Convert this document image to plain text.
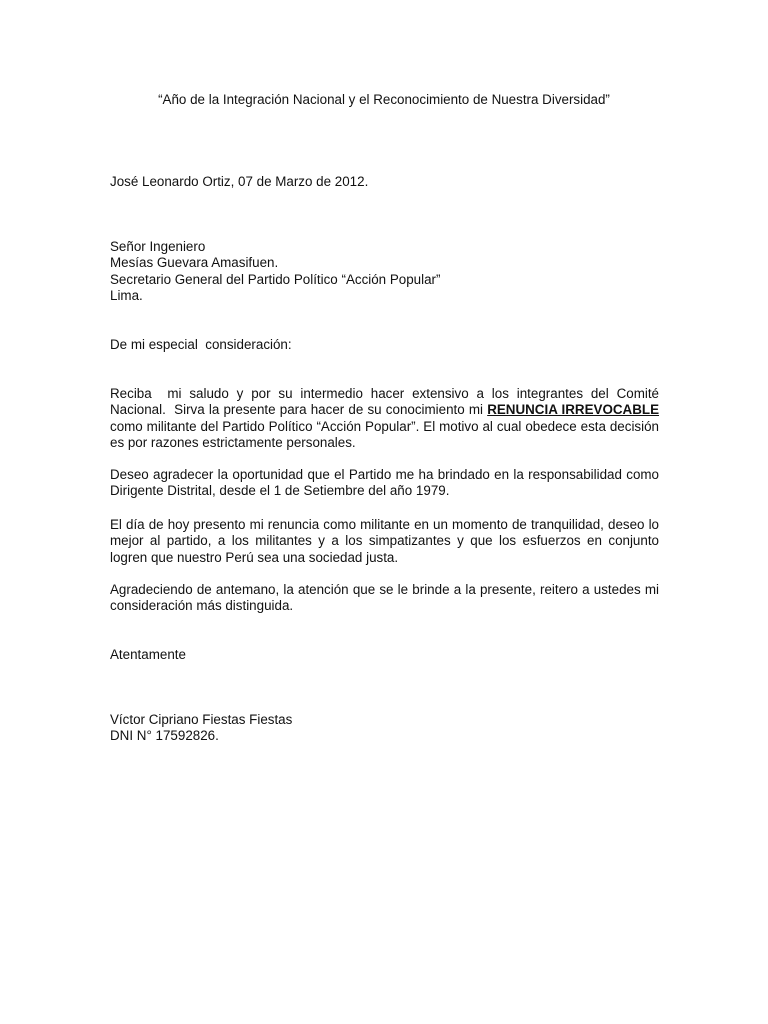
“Año de la Integración Nacional y el Reconocimiento de Nuestra Diversidad”
José Leonardo Ortiz, 07 de Marzo de 2012.
Señor Ingeniero
Mesías Guevara Amasifuen.
Secretario General del Partido Político “Acción Popular”
Lima.
De mi especial  consideración:
Reciba  mi saludo y por su intermedio hacer extensivo a los integrantes del Comité Nacional.  Sirva la presente para hacer de su conocimiento mi RENUNCIA IRREVOCABLE como militante del Partido Político “Acción Popular”. El motivo al cual obedece esta decisión es por razones estrictamente personales.
Deseo agradecer la oportunidad que el Partido me ha brindado en la responsabilidad como Dirigente Distrital, desde el 1 de Setiembre del año 1979.
El día de hoy presento mi renuncia como militante en un momento de tranquilidad, deseo lo mejor al partido, a los militantes y a los simpatizantes y que los esfuerzos en conjunto logren que nuestro Perú sea una sociedad justa.
Agradeciendo de antemano, la atención que se le brinde a la presente, reitero a ustedes mi consideración más distinguida.
Atentamente
Víctor Cipriano Fiestas Fiestas
DNI N° 17592826.
